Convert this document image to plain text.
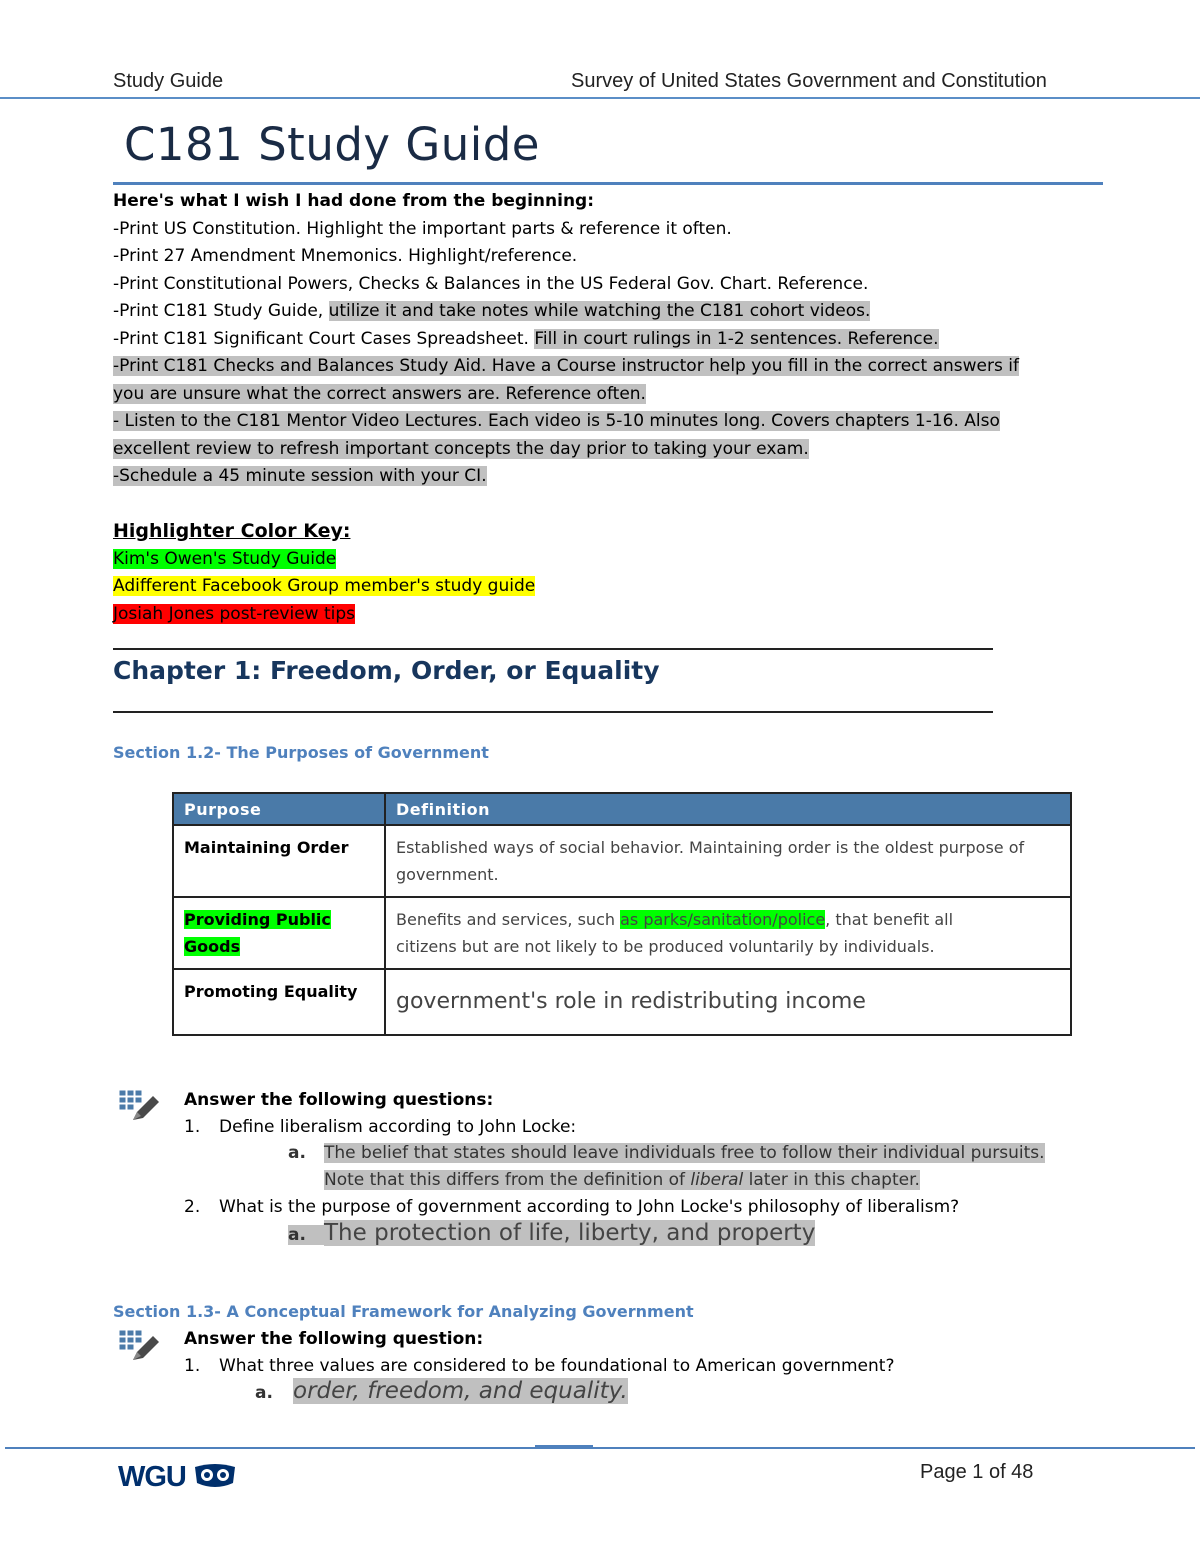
Study Guide	Survey of United States Government and Constitution
C181 Study Guide
Here's what I wish I had done from the beginning:
-Print US Constitution. Highlight the important parts & reference it often.
-Print 27 Amendment Mnemonics. Highlight/reference.
-Print Constitutional Powers, Checks & Balances in the US Federal Gov. Chart. Reference.
-Print C181 Study Guide, utilize it and take notes while watching the C181 cohort videos.
-Print C181 Significant Court Cases Spreadsheet. Fill in court rulings in 1-2 sentences. Reference.
-Print C181 Checks and Balances Study Aid. Have a Course instructor help you fill in the correct answers if
you are unsure what the correct answers are. Reference often.
- Listen to the C181 Mentor Video Lectures. Each video is 5-10 minutes long. Covers chapters 1-16. Also
excellent review to refresh important concepts the day prior to taking your exam.
-Schedule a 45 minute session with your CI.
Highlighter Color Key:
Kim's Owen's Study Guide
Adifferent Facebook Group member's study guide
Josiah Jones post-review tips
Chapter 1: Freedom, Order, or Equality
Section 1.2- The Purposes of Government
Purpose	Definition
Maintaining Order	Established ways of social behavior. Maintaining order is the oldest purpose of government.
Providing Public
Goods	Benefits and services, such as parks/sanitation/police, that benefit all
citizens but are not likely to be produced voluntarily by individuals.
Promoting Equality	government's role in redistributing income
Answer the following questions:
1. Define liberalism according to John Locke:
a. The belief that states should leave individuals free to follow their individual pursuits.
Note that this differs from the definition of liberal later in this chapter.
2. What is the purpose of government according to John Locke's philosophy of liberalism?
a. The protection of life, liberty, and property
Section 1.3- A Conceptual Framework for Analyzing Government
Answer the following question:
1. What three values are considered to be foundational to American government?
a. order, freedom, and equality.
WGU	Page 1 of 48
